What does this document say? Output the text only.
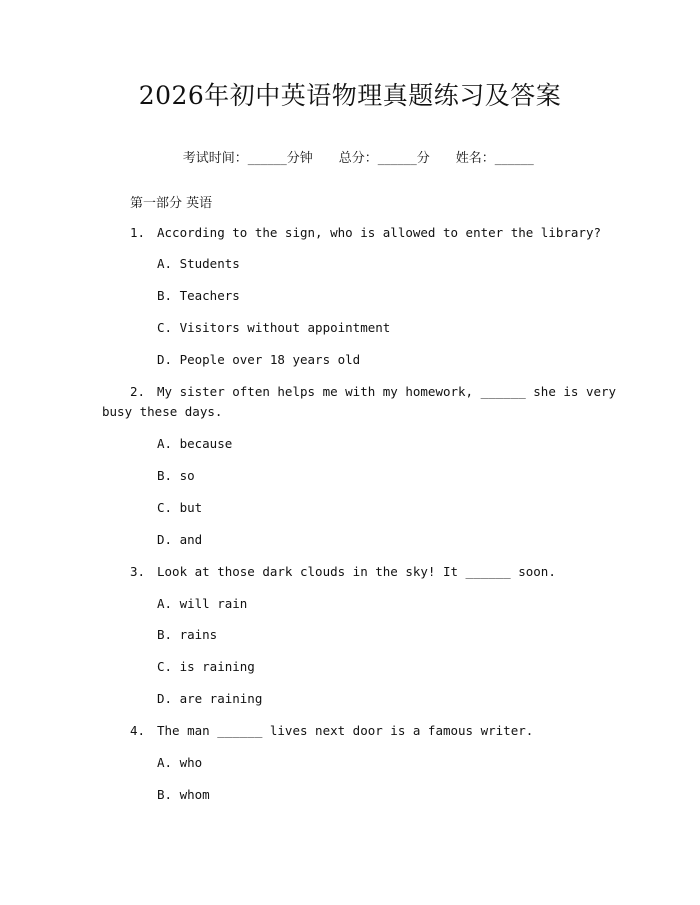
2026年初中英语物理真题练习及答案

考试时间：______分钟 总分：______分 姓名：______

第一部分 英语
1. According to the sign, who is allowed to enter the library?
A. Students
B. Teachers
C. Visitors without appointment
D. People over 18 years old
2. My sister often helps me with my homework, ______ she is very
busy these days.
A. because
B. so
C. but
D. and
3. Look at those dark clouds in the sky! It ______ soon.
A. will rain
B. rains
C. is raining
D. are raining
4. The man ______ lives next door is a famous writer.
A. who
B. whom
